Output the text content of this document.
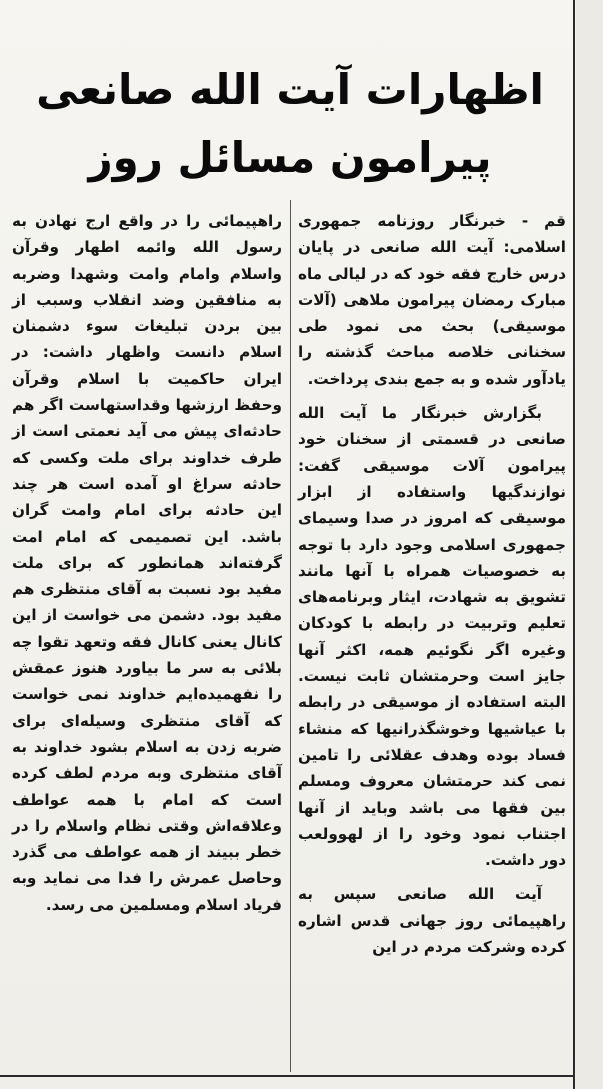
اظهارات آیت الله صانعی
پیرامون مسائل روز

قم - خبرنگار روزنامه جمهوری اسلامی: آیت الله صانعی در پایان درس خارج فقه خود که در لیالی ماه مبارک رمضان پیرامون ملاهی (آلات موسیقی) بحث می نمود طی سخنانی خلاصه مباحث گذشته را یادآور شده و به جمع بندی پرداخت.

بگزارش خبرنگار ما آیت الله صانعی در قسمتی از سخنان خود پیرامون آلات موسیقی گفت: نوازندگیها واستفاده از ابزار موسیقی که امروز در صدا وسیمای جمهوری اسلامی وجود دارد با توجه به خصوصیات همراه با آنها مانند تشویق به شهادت، ایثار وبرنامه‌های تعلیم وتربیت در رابطه با کودکان وغیره اگر نگوئیم همه، اکثر آنها جایز است وحرمتشان ثابت نیست. البته استفاده از موسیقی در رابطه با عیاشیها وخوشگذرانیها که منشاء فساد بوده وهدف عقلائی را تامین نمی کند حرمتشان معروف ومسلم بین فقها می باشد وباید از آنها اجتناب نمود وخود را از لهوولعب دور داشت.

آیت الله صانعی سپس به راهپیمائی روز جهانی قدس اشاره کرده وشرکت مردم در این

راهپیمائی را در واقع ارج نهادن به رسول الله وائمه اطهار وقرآن واسلام وامام وامت وشهدا وضربه به منافقین وضد انقلاب وسبب از بین بردن تبلیغات سوء دشمنان اسلام دانست واظهار داشت: در ایران حاکمیت با اسلام وقرآن وحفظ ارزشها وقداستهاست اگر هم حادثه‌ای پیش می آید نعمتی است از طرف خداوند برای ملت وکسی که حادثه سراغ او آمده است هر چند این حادثه برای امام وامت گران باشد. این تصمیمی که امام امت گرفته‌اند همانطور که برای ملت مفید بود نسبت به آقای منتظری هم مفید بود. دشمن می خواست از این کانال یعنی کانال فقه وتعهد تقوا چه بلائی به سر ما بیاورد هنوز عمقش را نفهمیده‌ایم خداوند نمی خواست که آقای منتظری وسیله‌ای برای ضربه زدن به اسلام بشود خداوند به آقای منتظری وبه مردم لطف کرده است که امام با همه عواطف وعلاقه‌اش وقتی نظام واسلام را در خطر ببیند از همه عواطف می گذرد وحاصل عمرش را فدا می نماید وبه فریاد اسلام ومسلمین می رسد.
